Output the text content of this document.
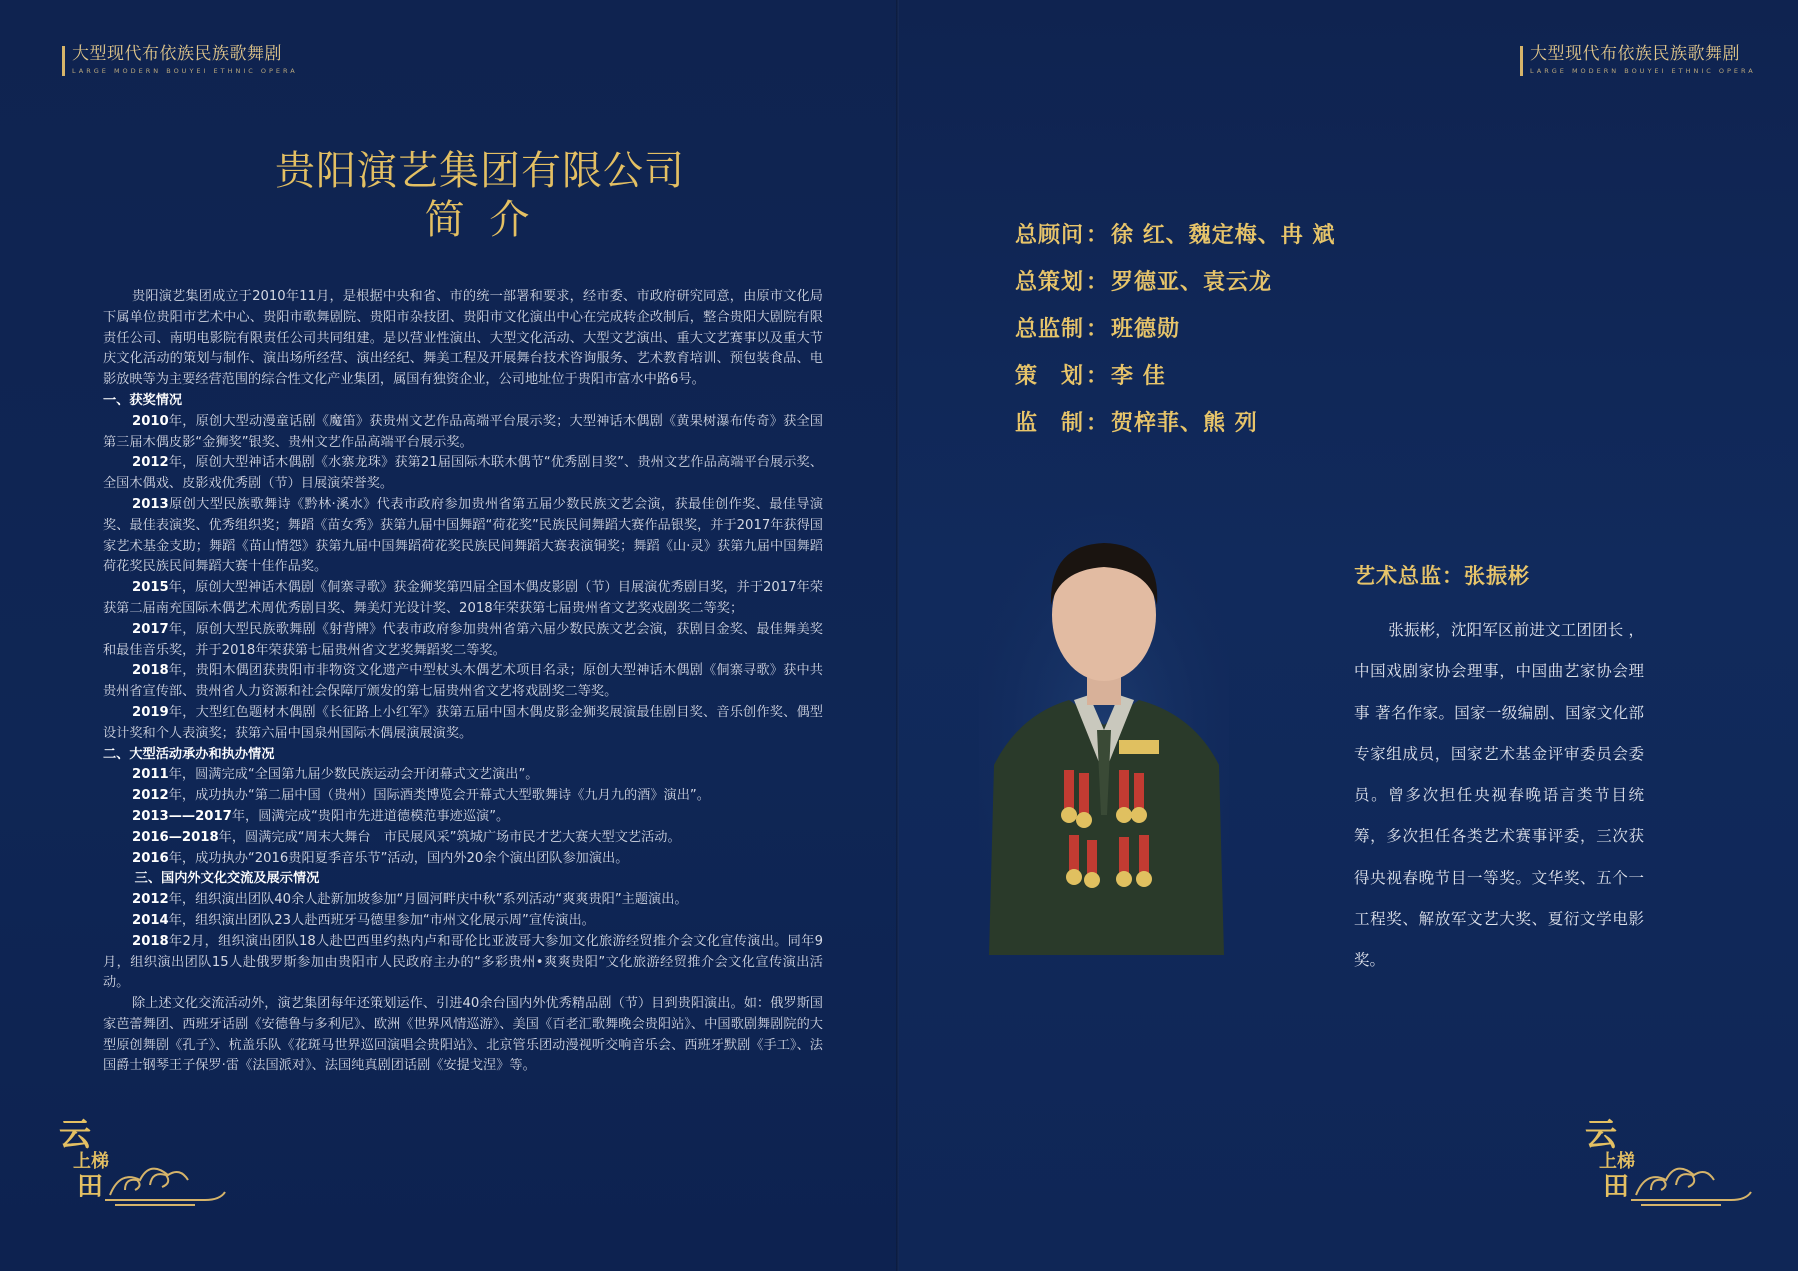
大型现代布依族民族歌舞剧
LARGE MODERN BOUYEI ETHNIC OPERA
贵阳演艺集团有限公司
简 介

贵阳演艺集团成立于2010年11月，是根据中央和省、市的统一部署和要求，经市委、市政府研究同意，由原市文化局下属单位贵阳市艺术中心、贵阳市歌舞剧院、贵阳市杂技团、贵阳市文化演出中心在完成转企改制后，整合贵阳大剧院有限责任公司、南明电影院有限责任公司共同组建。是以营业性演出、大型文化活动、大型文艺演出、重大文艺赛事以及重大节庆文化活动的策划与制作、演出场所经营、演出经纪、舞美工程及开展舞台技术咨询服务、艺术教育培训、预包装食品、电影放映等为主要经营范围的综合性文化产业集团，属国有独资企业，公司地址位于贵阳市富水中路6号。

一、获奖情况

2010年，原创大型动漫童话剧《魔笛》获贵州文艺作品高端平台展示奖；大型神话木偶剧《黄果树瀑布传奇》获全国第三届木偶皮影“金狮奖”银奖、贵州文艺作品高端平台展示奖。

2012年，原创大型神话木偶剧《水寨龙珠》获第21届国际木联木偶节“优秀剧目奖”、贵州文艺作品高端平台展示奖、全国木偶戏、皮影戏优秀剧（节）目展演荣誉奖。

2013原创大型民族歌舞诗《黔林·溪水》代表市政府参加贵州省第五届少数民族文艺会演，获最佳创作奖、最佳导演奖、最佳表演奖、优秀组织奖；舞蹈《苗女秀》获第九届中国舞蹈“荷花奖”民族民间舞蹈大赛作品银奖，并于2017年获得国家艺术基金支助；舞蹈《苗山情怨》获第九届中国舞蹈荷花奖民族民间舞蹈大赛表演铜奖；舞蹈《山·灵》获第九届中国舞蹈荷花奖民族民间舞蹈大赛十佳作品奖。

2015年，原创大型神话木偶剧《侗寨寻歌》获金狮奖第四届全国木偶皮影剧（节）目展演优秀剧目奖，并于2017年荣获第二届南充国际木偶艺术周优秀剧目奖、舞美灯光设计奖、2018年荣获第七届贵州省文艺奖戏剧奖二等奖；

2017年，原创大型民族歌舞剧《射背牌》代表市政府参加贵州省第六届少数民族文艺会演，获剧目金奖、最佳舞美奖和最佳音乐奖，并于2018年荣获第七届贵州省文艺奖舞蹈奖二等奖。

2018年，贵阳木偶团获贵阳市非物资文化遗产中型杖头木偶艺术项目名录；原创大型神话木偶剧《侗寨寻歌》获中共贵州省宣传部、贵州省人力资源和社会保障厅颁发的第七届贵州省文艺将戏剧奖二等奖。

2019年，大型红色题材木偶剧《长征路上小红军》获第五届中国木偶皮影金狮奖展演最佳剧目奖、音乐创作奖、偶型设计奖和个人表演奖；获第六届中国泉州国际木偶展演展演奖。

二、大型活动承办和执办情况

2011年，圆满完成“全国第九届少数民族运动会开闭幕式文艺演出”。

2012年，成功执办“第二届中国（贵州）国际酒类博览会开幕式大型歌舞诗《九月九的酒》演出”。

2013——2017年，圆满完成“贵阳市先进道德模范事迹巡演”。

2016—2018年，圆满完成“周末大舞台　市民展风采”筑城广场市民才艺大赛大型文艺活动。

2016年，成功执办“2016贵阳夏季音乐节”活动，国内外20余个演出团队参加演出。

三、国内外文化交流及展示情况

2012年，组织演出团队40余人赴新加坡参加“月圆河畔庆中秋”系列活动“爽爽贵阳”主题演出。

2014年，组织演出团队23人赴西班牙马德里参加“市州文化展示周”宣传演出。

2018年2月，组织演出团队18人赴巴西里约热内卢和哥伦比亚波哥大参加文化旅游经贸推介会文化宣传演出。同年9月，组织演出团队15人赴俄罗斯参加由贵阳市人民政府主办的“多彩贵州•爽爽贵阳”文化旅游经贸推介会文化宣传演出活动。

除上述文化交流活动外，演艺集团每年还策划运作、引进40余台国内外优秀精品剧（节）目到贵阳演出。如：俄罗斯国家芭蕾舞团、西班牙话剧《安德鲁与多利尼》、欧洲《世界风情巡游》、美国《百老汇歌舞晚会贵阳站》、中国歌剧舞剧院的大型原创舞剧《孔子》、杭盖乐队《花斑马世界巡回演唱会贵阳站》、北京管乐团动漫视听交响音乐会、西班牙默剧《手工》、法国爵士钢琴王子保罗·雷《法国派对》、法国纯真剧团话剧《安提戈涅》等。

云
上 梯
田
大型现代布依族民族歌舞剧
LARGE MODERN BOUYEI ETHNIC OPERA
总顾问 ： 徐 红、魏定梅、冉 斌
总策划 ： 罗德亚、袁云龙
总监制 ： 班德勋
策　划 ： 李 佳
监　制 ： 贺梓菲、熊 列
艺术总监：张振彬
张振彬，沈阳军区前进文工团团长 ，中国戏剧家协会理事，中国曲艺家协会理事 著名作家。国家一级编剧、国家文化部专家组成员，国家艺术基金评审委员会委员。曾多次担任央视春晚语言类节目统筹，多次担任各类艺术赛事评委，三次获得央视春晚节目一等奖。文华奖、五个一工程奖、解放军文艺大奖、夏衍文学电影奖。
云
上 梯
田
